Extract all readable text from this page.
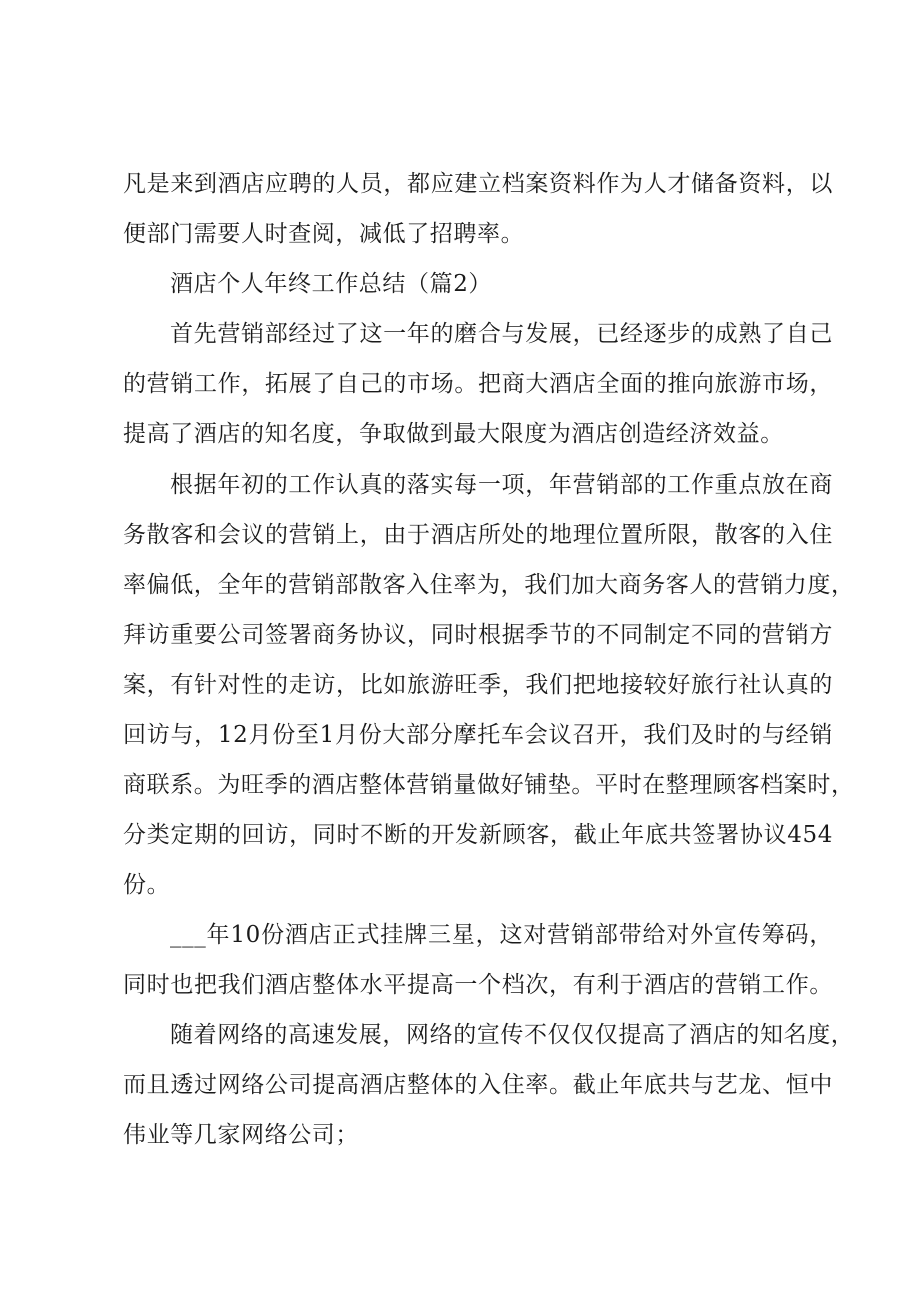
凡是来到酒店应聘的人员，都应建立档案资料作为人才储备资料，以
便部门需要人时查阅，减低了招聘率。
酒店个人年终工作总结（篇2）
首先营销部经过了这一年的磨合与发展，已经逐步的成熟了自己
的营销工作，拓展了自己的市场。把商大酒店全面的推向旅游市场，
提高了酒店的知名度，争取做到最大限度为酒店创造经济效益。
根据年初的工作认真的落实每一项，年营销部的工作重点放在商
务散客和会议的营销上，由于酒店所处的地理位置所限，散客的入住
率偏低，全年的营销部散客入住率为，我们加大商务客人的营销力度，
拜访重要公司签署商务协议，同时根据季节的不同制定不同的营销方
案，有针对性的走访，比如旅游旺季，我们把地接较好旅行社认真的
回访与，12月份至1月份大部分摩托车会议召开，我们及时的与经销
商联系。为旺季的酒店整体营销量做好铺垫。平时在整理顾客档案时，
分类定期的回访，同时不断的开发新顾客，截止年底共签署协议454
份。
___年10份酒店正式挂牌三星，这对营销部带给对外宣传筹码，
同时也把我们酒店整体水平提高一个档次，有利于酒店的营销工作。
随着网络的高速发展，网络的宣传不仅仅仅提高了酒店的知名度，
而且透过网络公司提高酒店整体的入住率。截止年底共与艺龙、恒中
伟业等几家网络公司；
